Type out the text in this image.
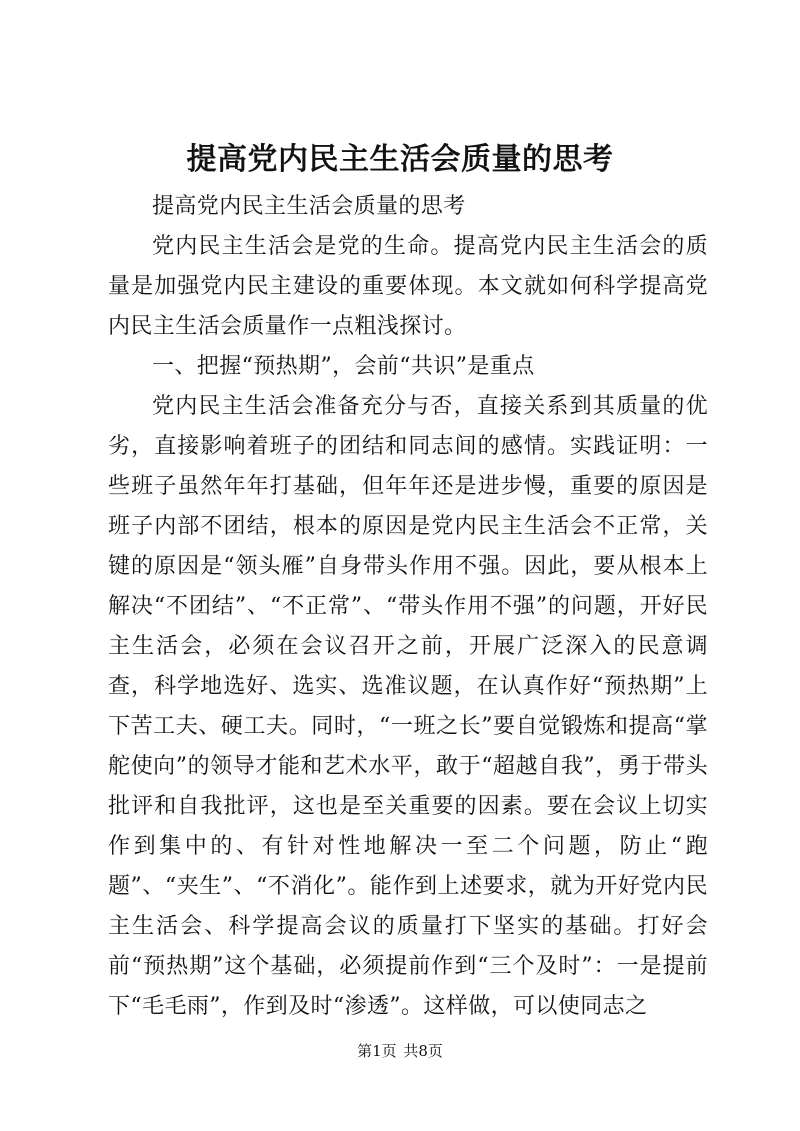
提高党内民主生活会质量的思考

提高党内民主生活会质量的思考

党内民主生活会是党的生命。提高党内民主生活会的质量是加强党内民主建设的重要体现。本文就如何科学提高党内民主生活会质量作一点粗浅探讨。

一、把握“预热期”，会前“共识”是重点

党内民主生活会准备充分与否，直接关系到其质量的优劣，直接影响着班子的团结和同志间的感情。实践证明：一些班子虽然年年打基础，但年年还是进步慢，重要的原因是班子内部不团结，根本的原因是党内民主生活会不正常，关键的原因是“领头雁”自身带头作用不强。因此，要从根本上解决“不团结”、“不正常”、“带头作用不强”的问题，开好民主生活会，必须在会议召开之前，开展广泛深入的民意调查，科学地选好、选实、选准议题，在认真作好“预热期”上下苦工夫、硬工夫。同时，“一班之长”要自觉锻炼和提高“掌舵使向”的领导才能和艺术水平，敢于“超越自我”，勇于带头批评和自我批评，这也是至关重要的因素。要在会议上切实作到集中的、有针对性地解决一至二个问题，防止“跑题”、“夹生”、“不消化”。能作到上述要求，就为开好党内民主生活会、科学提高会议的质量打下坚实的基础。打好会前“预热期”这个基础，必须提前作到“三个及时”：一是提前下“毛毛雨”，作到及时“渗透”。这样做，可以使同志之

第1页 共8页
